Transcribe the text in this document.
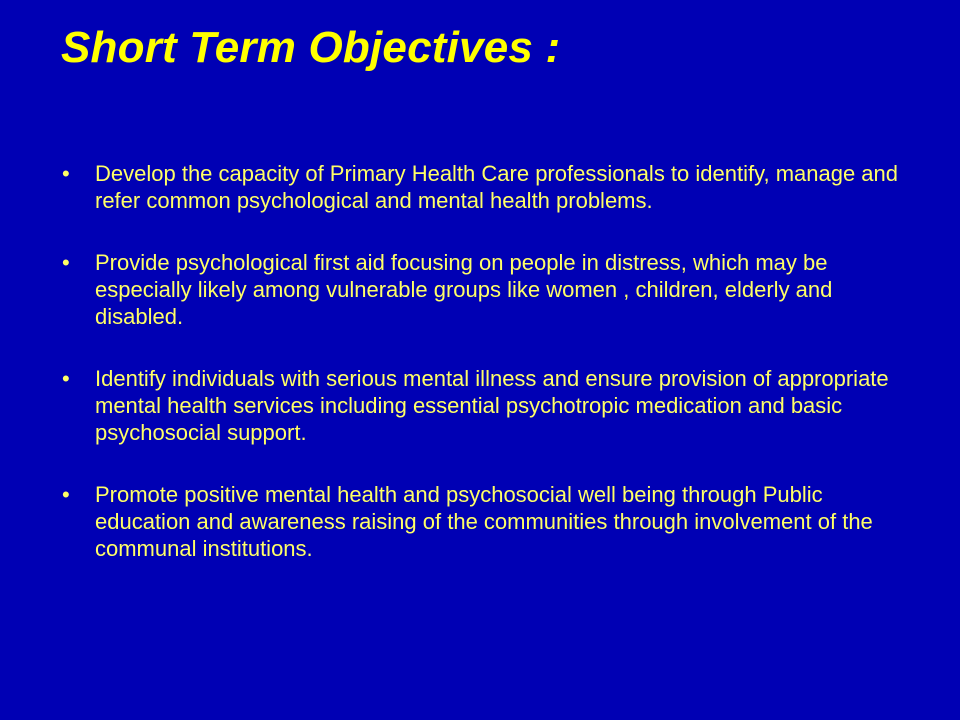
Short Term Objectives :
• Develop the capacity of Primary Health Care professionals to identify, manage and refer common psychological and mental health problems.
• Provide psychological first aid focusing on people in distress, which may be especially likely among vulnerable groups like women , children, elderly and disabled.
• Identify individuals with serious mental illness and ensure provision of appropriate mental health services including essential psychotropic medication and basic psychosocial support.
• Promote positive mental health and psychosocial well being through Public education and awareness raising of the communities through involvement of the communal institutions.
